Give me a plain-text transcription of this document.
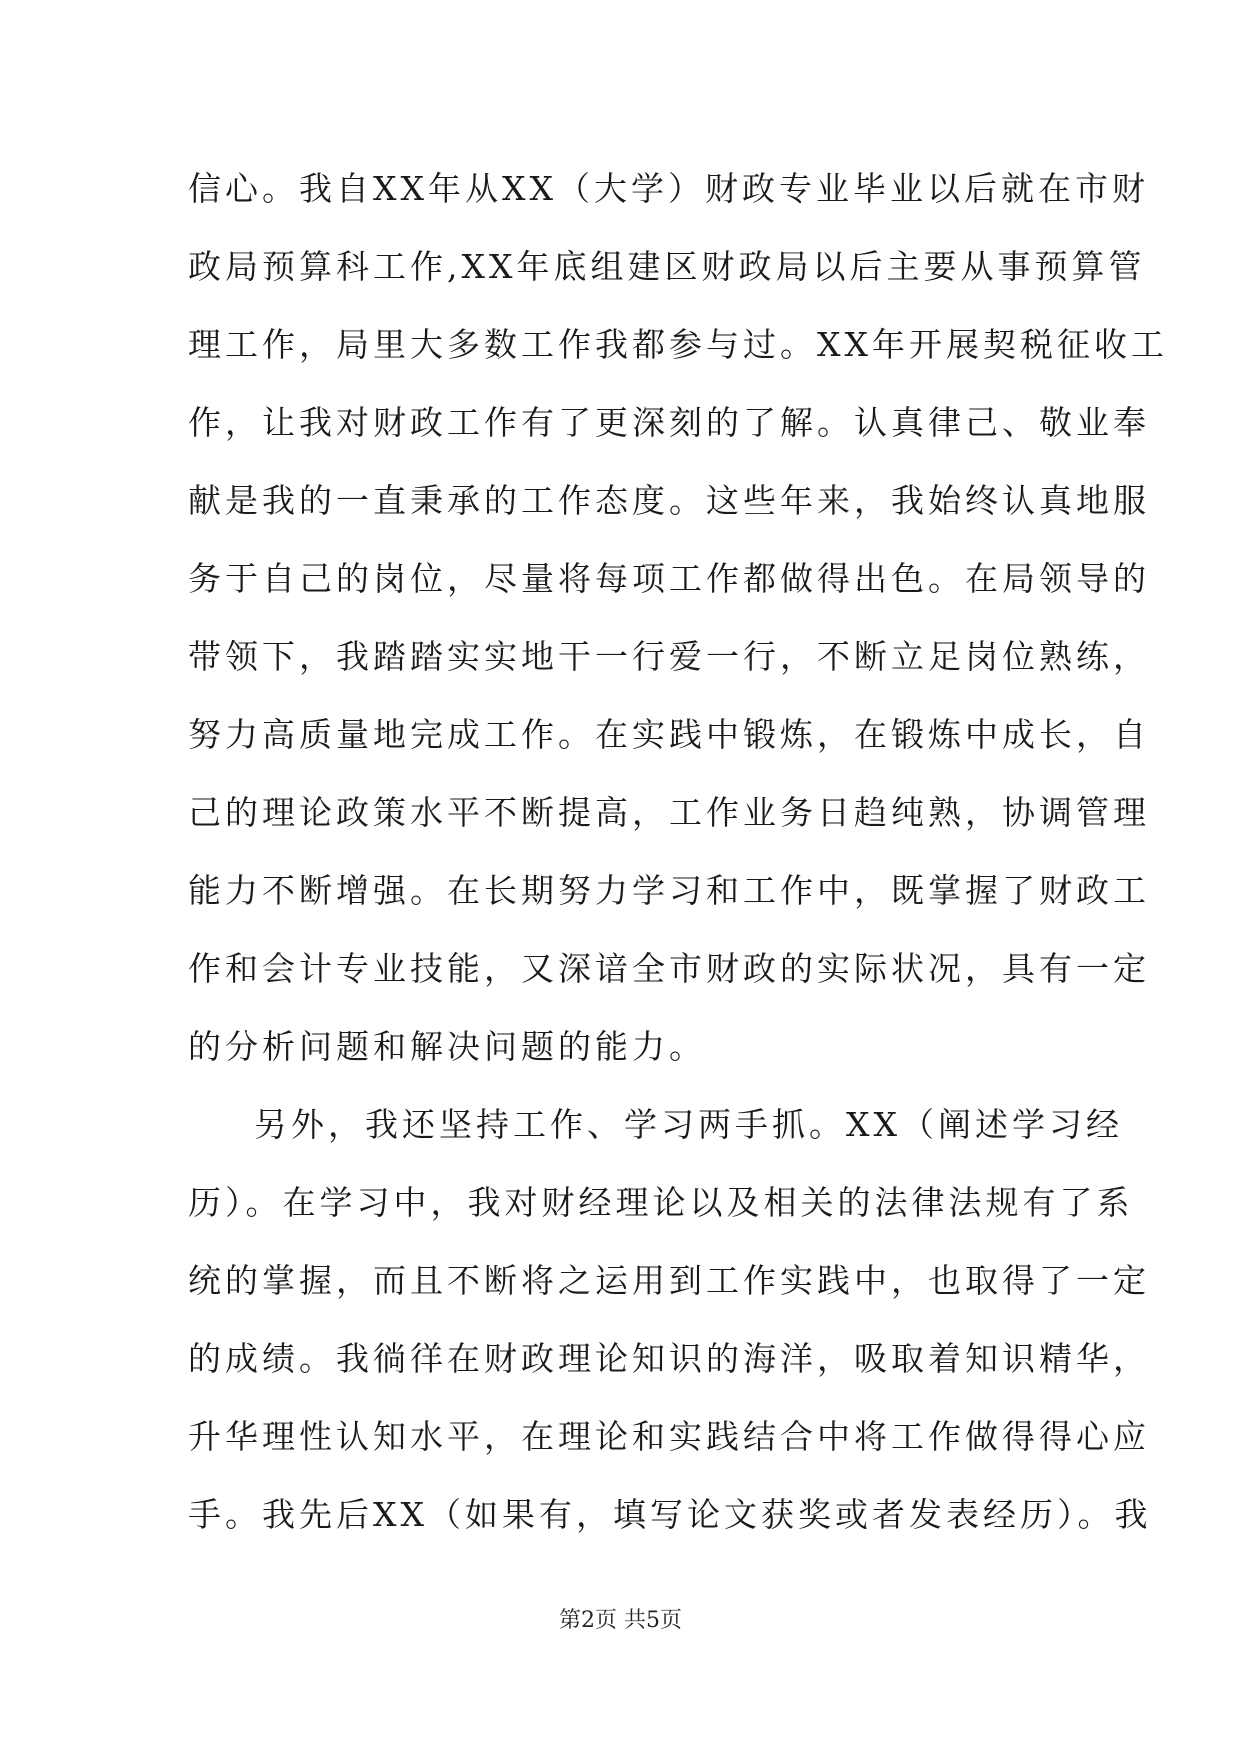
信心。我自XX年从XX（大学）财政专业毕业以后就在市财
政局预算科工作,XX年底组建区财政局以后主要从事预算管
理工作，局里大多数工作我都参与过。XX年开展契税征收工
作，让我对财政工作有了更深刻的了解。认真律己、敬业奉
献是我的一直秉承的工作态度。这些年来，我始终认真地服
务于自己的岗位，尽量将每项工作都做得出色。在局领导的
带领下，我踏踏实实地干一行爱一行，不断立足岗位熟练，
努力高质量地完成工作。在实践中锻炼，在锻炼中成长，自
己的理论政策水平不断提高，工作业务日趋纯熟，协调管理
能力不断增强。在长期努力学习和工作中，既掌握了财政工
作和会计专业技能，又深谙全市财政的实际状况，具有一定
的分析问题和解决问题的能力。
另外，我还坚持工作、学习两手抓。XX（阐述学习经
历）。在学习中，我对财经理论以及相关的法律法规有了系
统的掌握，而且不断将之运用到工作实践中，也取得了一定
的成绩。我徜徉在财政理论知识的海洋，吸取着知识精华，
升华理性认知水平，在理论和实践结合中将工作做得得心应
手。我先后XX（如果有，填写论文获奖或者发表经历）。我
第2页 共5页
